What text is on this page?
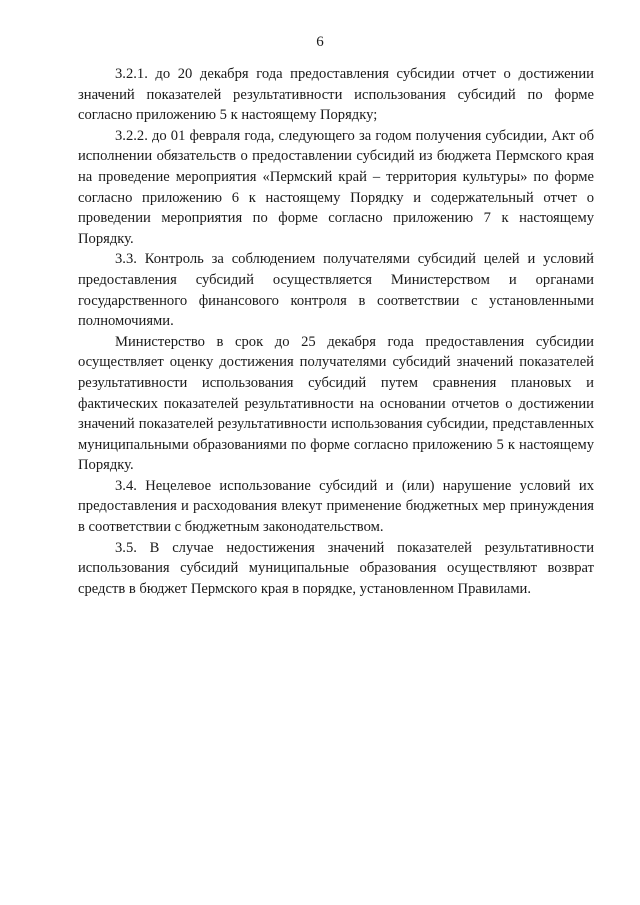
6

3.2.1. до 20 декабря года предоставления субсидии отчет о достижении значений показателей результативности использования субсидий по форме согласно приложению 5 к настоящему Порядку;

3.2.2. до 01 февраля года, следующего за годом получения субсидии, Акт об исполнении обязательств о предоставлении субсидий из бюджета Пермского края на проведение мероприятия «Пермский край – территория культуры» по форме согласно приложению 6 к настоящему Порядку и содержательный отчет о проведении мероприятия по форме согласно приложению 7 к настоящему Порядку.

3.3. Контроль за соблюдением получателями субсидий целей и условий предоставления субсидий осуществляется Министерством и органами государственного финансового контроля в соответствии с установленными полномочиями.

Министерство в срок до 25 декабря года предоставления субсидии осуществляет оценку достижения получателями субсидий значений показателей результативности использования субсидий путем сравнения плановых и фактических показателей результативности на основании отчетов о достижении значений показателей результативности использования субсидии, представленных муниципальными образованиями по форме согласно приложению 5 к настоящему Порядку.

3.4. Нецелевое использование субсидий и (или) нарушение условий их предоставления и расходования влекут применение бюджетных мер принуждения в соответствии с бюджетным законодательством.

3.5. В случае недостижения значений показателей результативности использования субсидий муниципальные образования осуществляют возврат средств в бюджет Пермского края в порядке, установленном Правилами.
